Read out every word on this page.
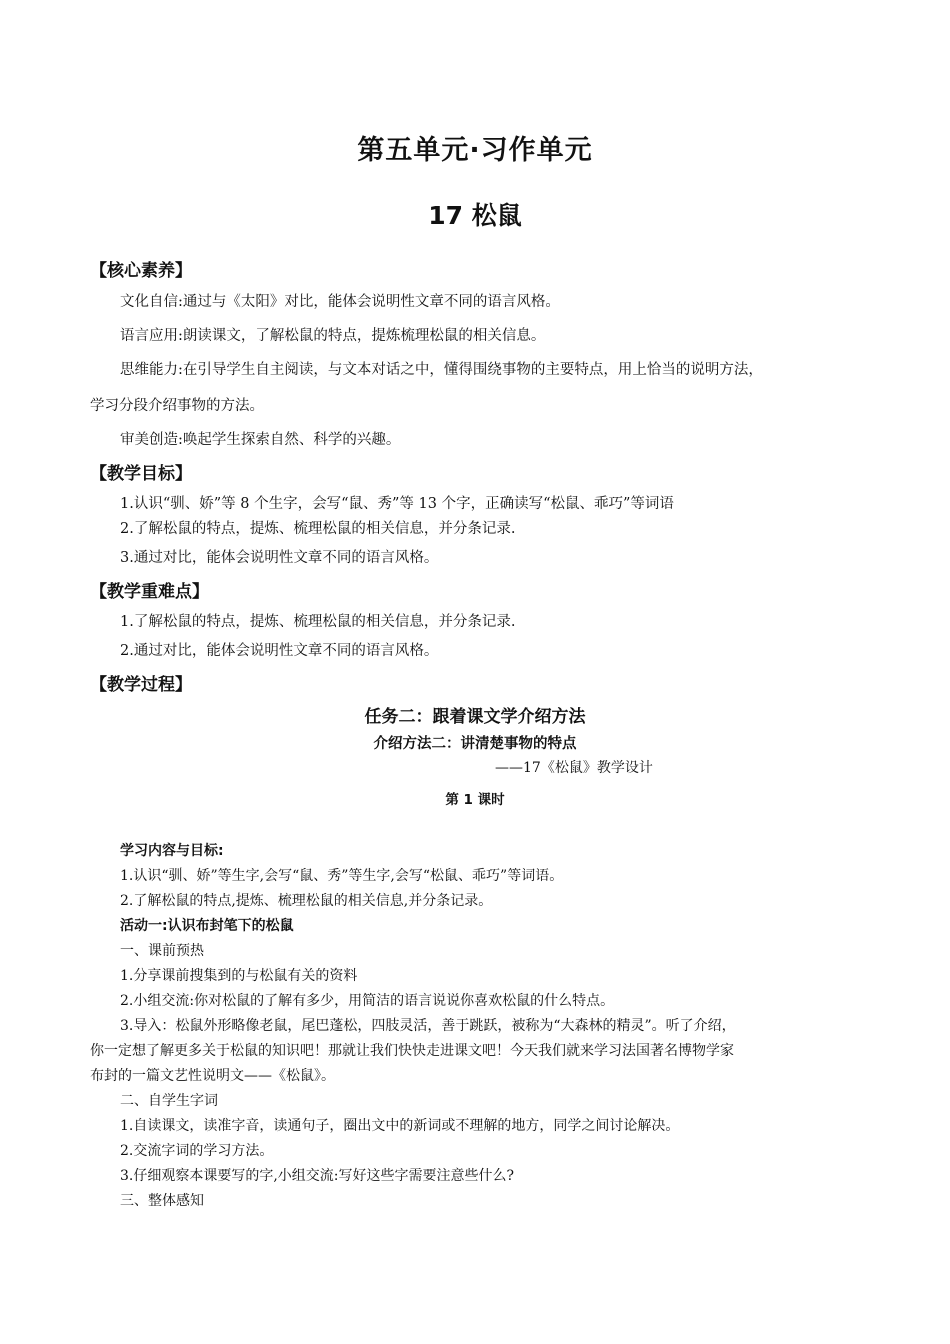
第五单元·习作单元
17 松鼠
【核心素养】
文化自信:通过与《太阳》对比，能体会说明性文章不同的语言风格。
语言应用:朗读课文，了解松鼠的特点，提炼梳理松鼠的相关信息。
思维能力:在引导学生自主阅读，与文本对话之中，懂得围绕事物的主要特点，用上恰当的说明方法，
学习分段介绍事物的方法。
审美创造:唤起学生探索自然、科学的兴趣。
【教学目标】
1.认识“驯、娇”等 8 个生字，会写“鼠、秀”等 13 个字，正确读写“松鼠、乖巧”等词语
2.了解松鼠的特点，提炼、梳理松鼠的相关信息，并分条记录.
3.通过对比，能体会说明性文章不同的语言风格。
【教学重难点】
1.了解松鼠的特点，提炼、梳理松鼠的相关信息，并分条记录.
2.通过对比，能体会说明性文章不同的语言风格。
【教学过程】
任务二：跟着课文学介绍方法
介绍方法二：讲清楚事物的特点
——17《松鼠》教学设计
第 1 课时
学习内容与目标:
1.认识“驯、娇”等生字,会写“鼠、秀”等生字,会写“松鼠、乖巧”等词语。
2.了解松鼠的特点,提炼、梳理松鼠的相关信息,并分条记录。
活动一:认识布封笔下的松鼠
一、课前预热
1.分享课前搜集到的与松鼠有关的资料
2.小组交流:你对松鼠的了解有多少，用简洁的语言说说你喜欢松鼠的什么特点。
3.导入：松鼠外形略像老鼠，尾巴蓬松，四肢灵活，善于跳跃，被称为“大森林的精灵”。听了介绍，
你一定想了解更多关于松鼠的知识吧！那就让我们快快走进课文吧！今天我们就来学习法国著名博物学家
布封的一篇文艺性说明文——《松鼠》。
二、自学生字词
1.自读课文，读准字音，读通句子，圈出文中的新词或不理解的地方，同学之间讨论解决。
2.交流字词的学习方法。
3.仔细观察本课要写的字,小组交流:写好这些字需要注意些什么?
三、整体感知
